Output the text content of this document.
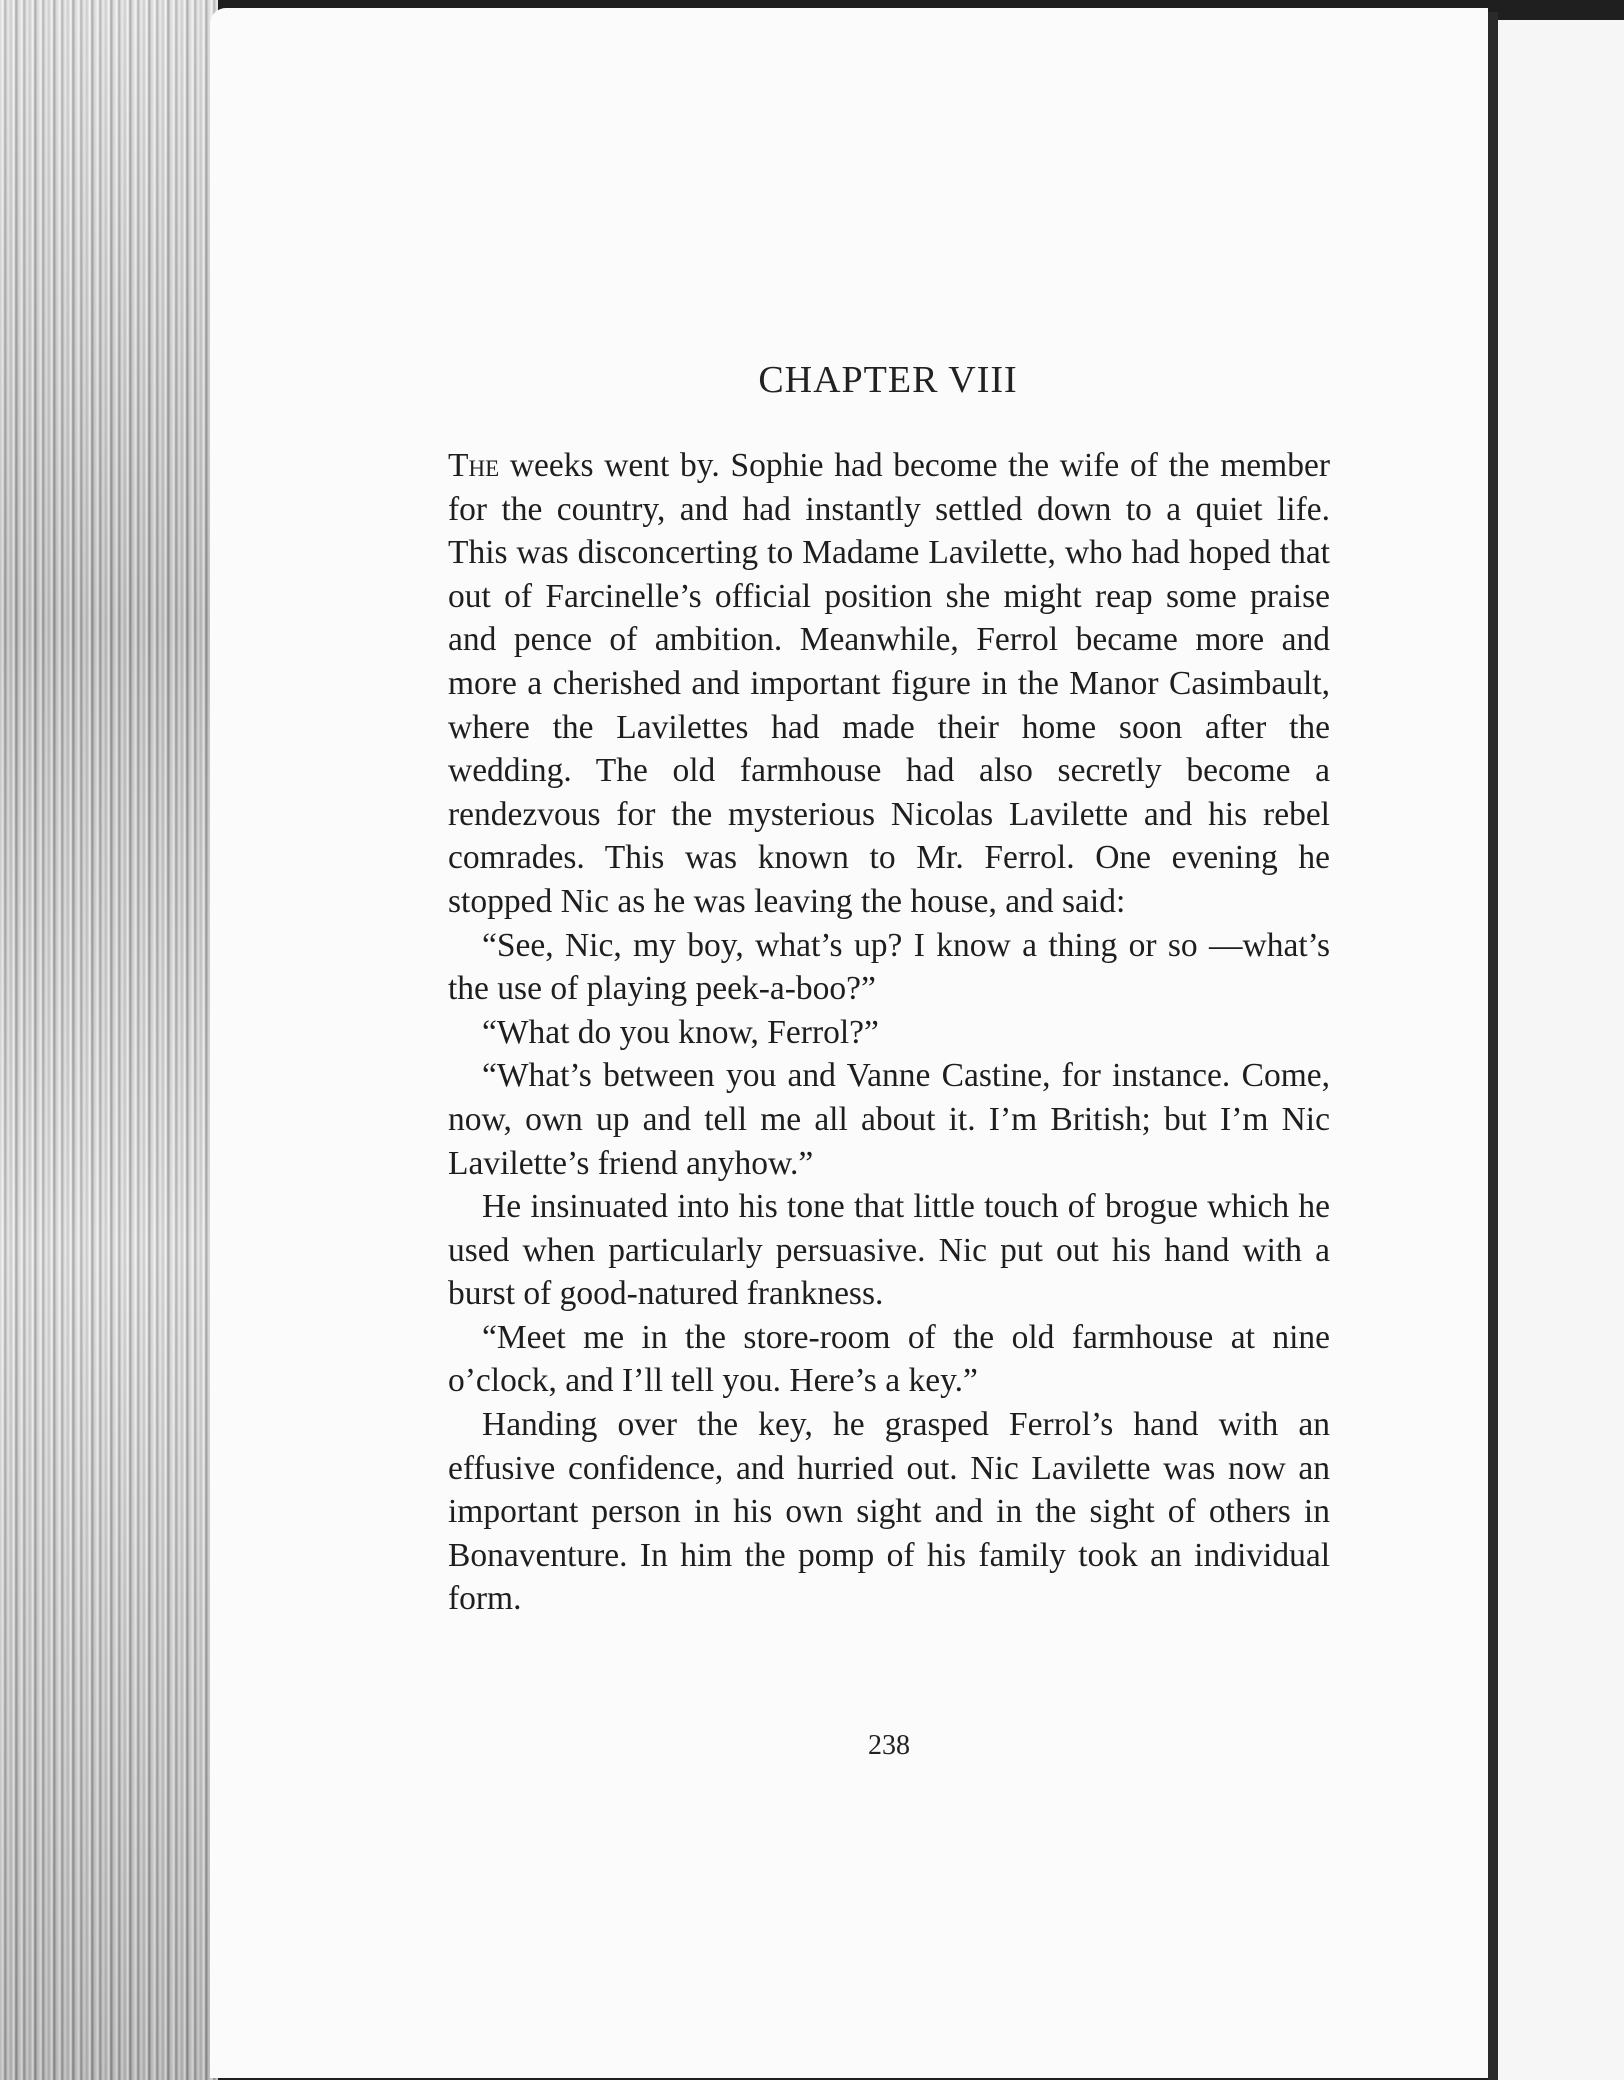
CHAPTER VIII

The weeks went by. Sophie had become the wife of the member for the country, and had instantly settled down to a quiet life. This was disconcerting to Madame Lavilette, who had hoped that out of Farcinelle’s official position she might reap some praise and pence of ambition. Meanwhile, Ferrol became more and more a cherished and important figure in the Manor Casimbault, where the Lavilettes had made their home soon after the wedding. The old farmhouse had also secretly become a rendezvous for the mysterious Nicolas Lavilette and his rebel comrades. This was known to Mr. Ferrol. One evening he stopped Nic as he was leaving the house, and said:

“See, Nic, my boy, what’s up? I know a thing or so —what’s the use of playing peek-a-boo?”

“What do you know, Ferrol?”

“What’s between you and Vanne Castine, for instance. Come, now, own up and tell me all about it. I’m British; but I’m Nic Lavilette’s friend anyhow.”

He insinuated into his tone that little touch of brogue which he used when particularly persuasive. Nic put out his hand with a burst of good-natured frankness.

“Meet me in the store-room of the old farmhouse at nine o’clock, and I’ll tell you. Here’s a key.”

Handing over the key, he grasped Ferrol’s hand with an effusive confidence, and hurried out. Nic Lavilette was now an important person in his own sight and in the sight of others in Bonaventure. In him the pomp of his family took an individual form.

238
